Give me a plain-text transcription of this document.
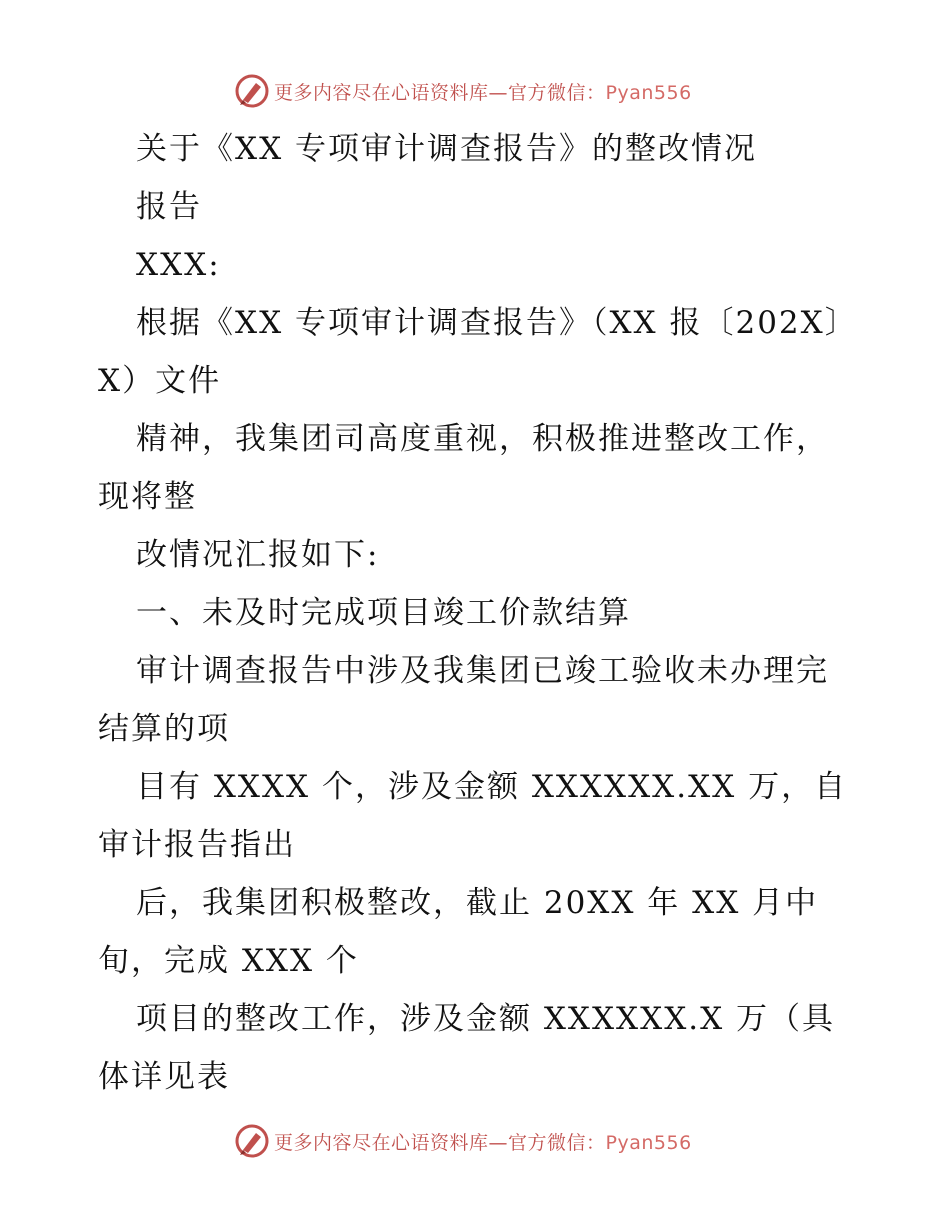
更多内容尽在心语资料库—官方微信：Pyan556

关于《XX 专项审计调查报告》的整改情况

报告

XXX:

根据《XX 专项审计调查报告》（XX 报〔202X〕X）文件

精神，我集团司高度重视，积极推进整改工作，现将整

改情况汇报如下:

一、未及时完成项目竣工价款结算

审计调查报告中涉及我集团已竣工验收未办理完结算的项

目有 XXXX 个，涉及金额 XXXXXX.XX 万，自审计报告指出

后，我集团积极整改，截止 20XX 年 XX 月中旬，完成 XXX 个

项目的整改工作，涉及金额 XXXXXX.X 万（具体详见表

更多内容尽在心语资料库—官方微信：Pyan556
